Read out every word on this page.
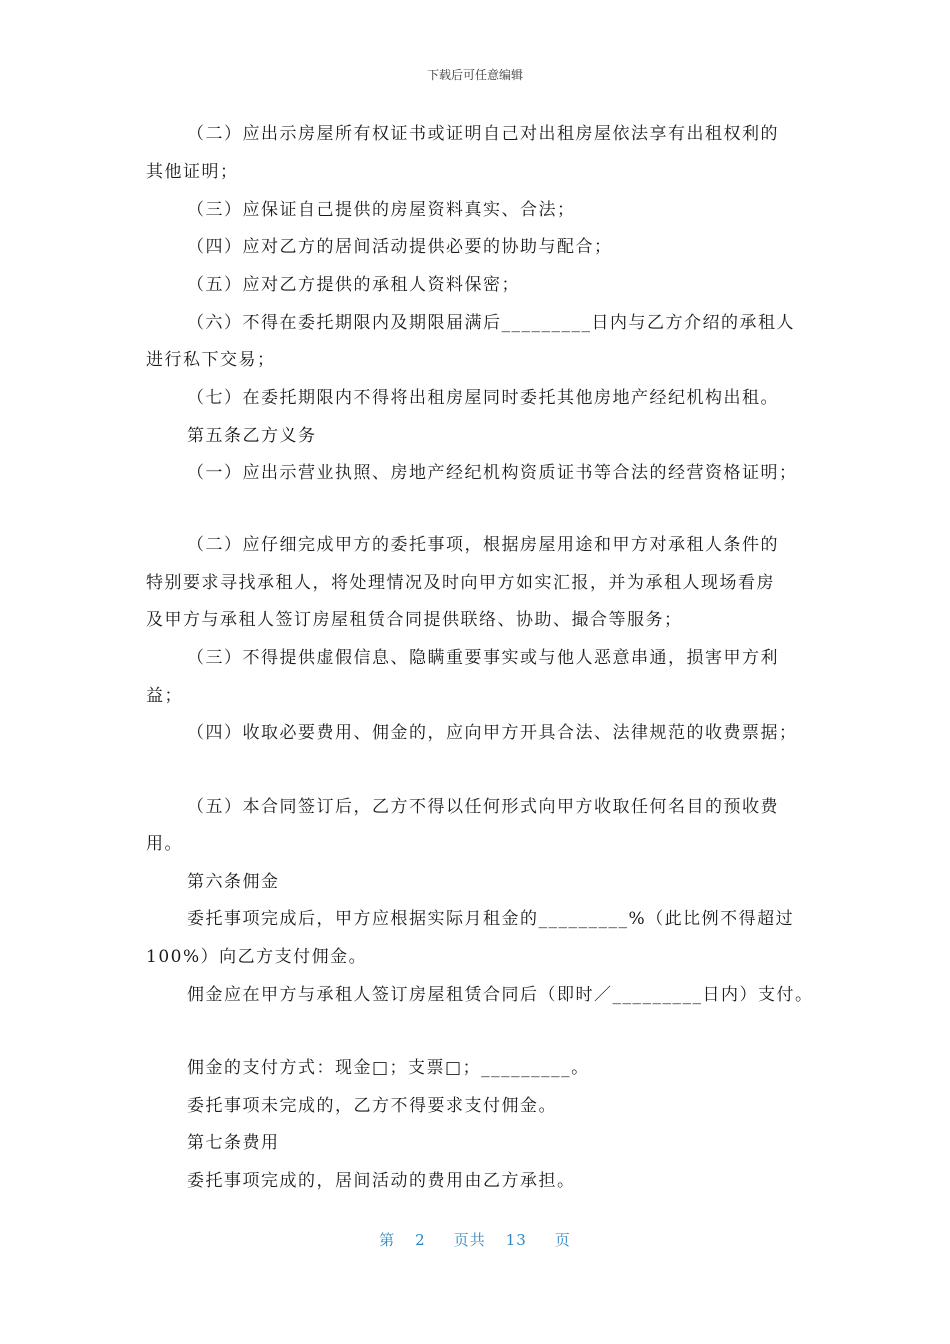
下载后可任意编辑
（二）应出示房屋所有权证书或证明自己对出租房屋依法享有出租权利的
其他证明；
（三）应保证自己提供的房屋资料真实、合法；
（四）应对乙方的居间活动提供必要的协助与配合；
（五）应对乙方提供的承租人资料保密；
（六）不得在委托期限内及期限届满后_________日内与乙方介绍的承租人
进行私下交易；
（七）在委托期限内不得将出租房屋同时委托其他房地产经纪机构出租。
第五条乙方义务
（一）应出示营业执照、房地产经纪机构资质证书等合法的经营资格证明；
（二）应仔细完成甲方的委托事项，根据房屋用途和甲方对承租人条件的
特别要求寻找承租人，将处理情况及时向甲方如实汇报，并为承租人现场看房
及甲方与承租人签订房屋租赁合同提供联络、协助、撮合等服务；
（三）不得提供虚假信息、隐瞒重要事实或与他人恶意串通，损害甲方利
益；
（四）收取必要费用、佣金的，应向甲方开具合法、法律规范的收费票据；
（五）本合同签订后，乙方不得以任何形式向甲方收取任何名目的预收费
用。
第六条佣金
委托事项完成后，甲方应根据实际月租金的_________%（此比例不得超过
100%）向乙方支付佣金。
佣金应在甲方与承租人签订房屋租赁合同后（即时／_________日内）支付。
佣金的支付方式：现金□；支票□；_________。
委托事项未完成的，乙方不得要求支付佣金。
第七条费用
委托事项完成的，居间活动的费用由乙方承担。
第 2 页共 13 页
